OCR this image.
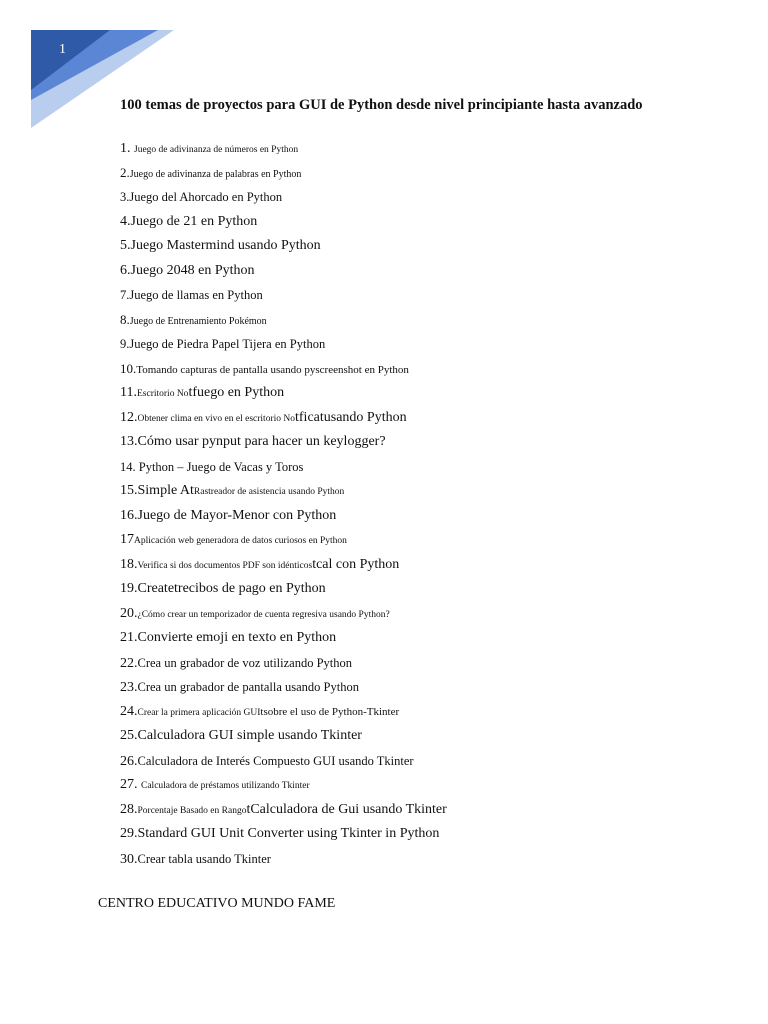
1
100 temas de proyectos para GUI de Python desde nivel principiante hasta avanzado
1. Juego de adivinanza de números en Python
2.Juego de adivinanza de palabras en Python
3.Juego del Ahorcado en Python
4.Juego de 21 en Python
5.Juego Mastermind usando Python
6.Juego 2048 en Python
7.Juego de llamas en Python
8.Juego de Entrenamiento Pokémon
9.Juego de Piedra Papel Tijera en Python
10.Tomando capturas de pantalla usando pyscreenshot en Python
11.Escritorio Notfuego en Python
12.Obtener clima en vivo en el escritorio Notficatusando Python
13.Cómo usar pynput para hacer un keylogger?
14. Python – Juego de Vacas y Toros
15.Simple AtRastreador de asistencia usando Python
16.Juego de Mayor-Menor con Python
17Aplicación web generadora de datos curiosos en Python
18.Verifica si dos documentos PDF son idénticostcal con Python
19.Createtrecibos de pago en Python
20.¿Cómo crear un temporizador de cuenta regresiva usando Python?
21.Convierte emoji en texto en Python
22.Crea un grabador de voz utilizando Python
23.Crea un grabador de pantalla usando Python
24.Crear la primera aplicación GUItsobre el uso de Python-Tkinter
25.Calculadora GUI simple usando Tkinter
26.Calculadora de Interés Compuesto GUI usando Tkinter
27. Calculadora de préstamos utilizando Tkinter
28.Porcentaje Basado en RangotCalculadora de Gui usando Tkinter
29.Standard GUI Unit Converter using Tkinter in Python
30.Crear tabla usando Tkinter

CENTRO EDUCATIVO MUNDO FAME
